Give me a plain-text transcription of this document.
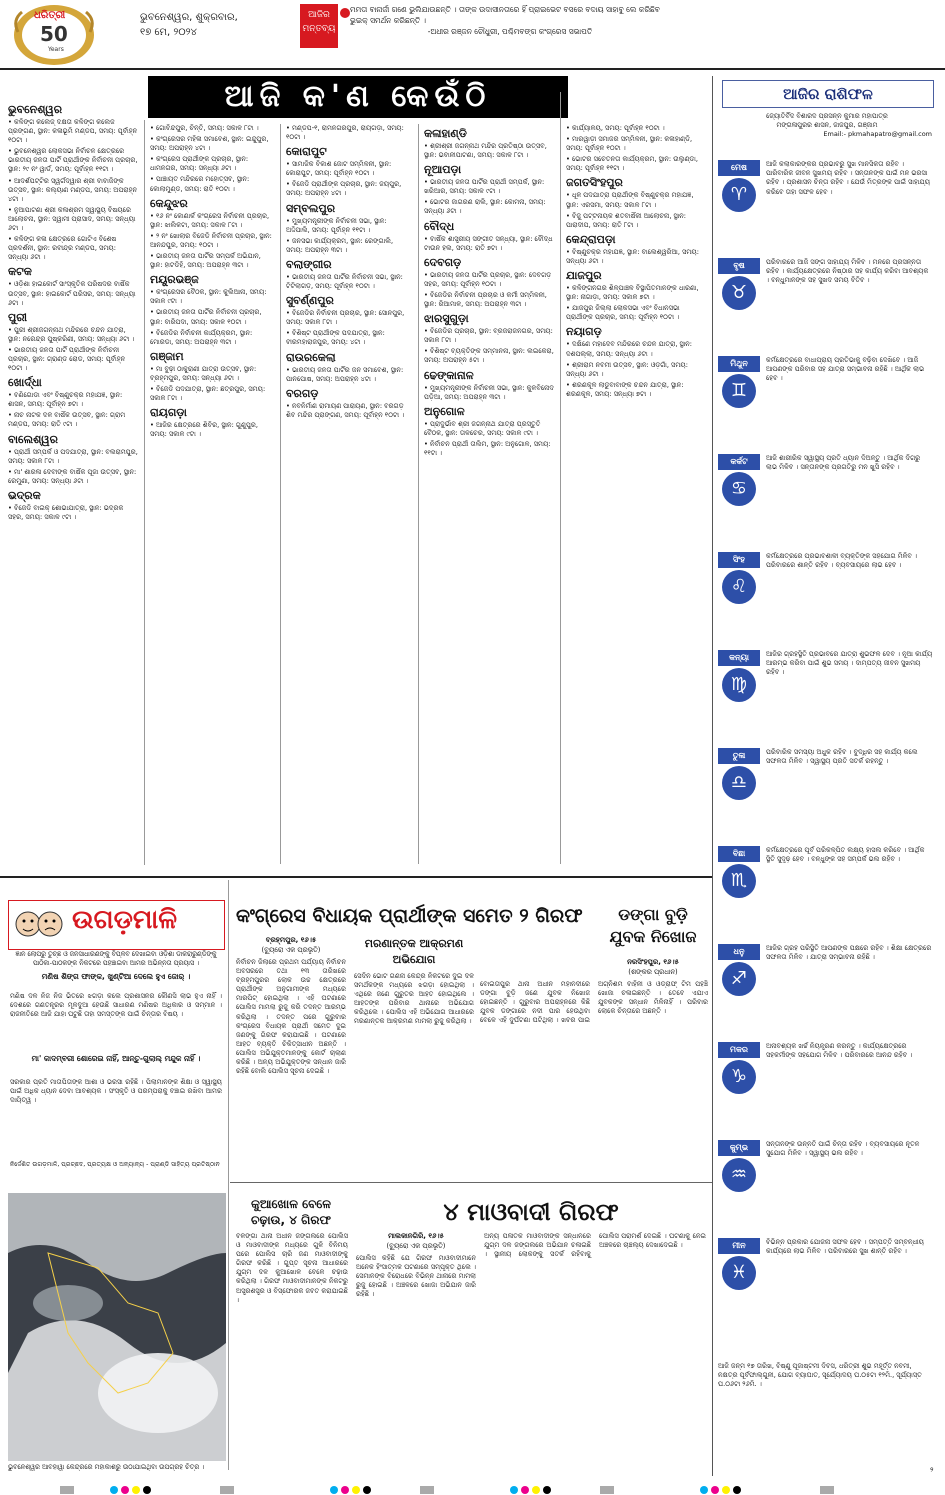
ଧରିତ୍ରୀ
50
Years
ଭୁବନେଶ୍ୱର, ଶୁକ୍ରବାର,
୧୭ ମେ, ୨୦୨୪
ଆଜିର
ମନ୍ତବ୍ୟ
ମମତା ବାନାର୍ଜୀ ଗଣେ ଭୁଲିଯାଉଛନ୍ତି । ତାଙ୍କ ଉଦାସୀନତାରେ ହିଁ ପ୍ରାଇଭେଟ ବସରେ ବଦାୟ ସାହାବୁ ଲେ କରିଛିବ ଭୁଇକ୍ ସମର୍ଥନ କରିଛନ୍ତି ।
-ଅଧୀର ରଞ୍ଜନ ଚୌଧୁରୀ, ପଶ୍ଚିମବଙ୍ଗ କଂଗ୍ରେସ ସଭାପତି
ଆଜି କ'ଣ କେଉଁଠି
ଭୁବନେଶ୍ୱର

• କଳିଙ୍ଗ କଲେଜ୍ ଦକ୍ଷତା କଳିଙ୍ଗ କଲେଜ ପ୍ରଙ୍ଗଣ, ସ୍ଥାନ: କଳାଭୂମି ମଣ୍ଡପ, ସମୟ: ପୂର୍ବାହ୍ନ ୧୦ଟା ।

• ଭୁବନେଶ୍ୱର ଲୋକସଭା ନିର୍ବାଚନ କ୍ଷେତ୍ରରେ ଭାରତୀୟ ଜନତା ପାର୍ଟି ପ୍ରାର୍ଥୀଙ୍କ ନିର୍ବାଚନୀ ପ୍ରଚାର, ସ୍ଥାନ: ୨୯ ନଂ ୱାର୍ଡ, ସମୟ: ପୂର୍ବାହ୍ନ ୧୧ଟା ।

• ଆଦର୍ଶପଟ୍ଟିର ସ୍ୱର୍ଗଦ୍ୱାର ଶ୍ରୀ ବାବାଜିଙ୍କ ଉତ୍ସବ, ସ୍ଥାନ: କଲ୍ୟାଣ ମଣ୍ଡପ, ସମୟ: ଅପରାହ୍ନ ୪ଟା ।

• ନୁଆପାଟଣା ଶ୍ରୀ କଳାଶ୍ରମ ସ୍ୱାସ୍ଥ୍ୟ ବିଷୟରେ ଆଲୋଚନା, ସ୍ଥାନ: ସ୍ୱାମୀ ପ୍ରାସାଦ, ସମୟ: ସନ୍ଧ୍ୟା ୬ଟା ।

• କଳିଙ୍ଗ କଳା କ୍ଷେତ୍ରରେ ଗୋଟିଏ ବିଶେଷ ପ୍ରଦର୍ଶନୀ, ସ୍ଥାନ: ରବୀନ୍ଦ୍ର ମଣ୍ଡପ, ସମୟ: ସନ୍ଧ୍ୟା ୬ଟା ।

କଟକ

• ଓଡ଼ିଶା ହାଇକୋର୍ଟ ସାଂସ୍କୃତିକ ପରିଷଦର ବାର୍ଷିକ ଉତ୍ସବ, ସ୍ଥାନ: ହାଇକୋର୍ଟ ପରିସର, ସମୟ: ସନ୍ଧ୍ୟା ୬ଟା ।

ପୁରୀ

• ପୁରୀ ଶ୍ରୀଜଗନ୍ନାଥ ମନ୍ଦିରରେ ଚନ୍ଦନ ଯାତ୍ରା, ସ୍ଥାନ: ନରେନ୍ଦ୍ର ପୁଷ୍କରିଣୀ, ସମୟ: ସନ୍ଧ୍ୟା ୬ଟା ।

• ଭାରତୀୟ ଜନତା ପାର୍ଟି ପ୍ରାର୍ଥୀଙ୍କ ନିର୍ବାଚନୀ ପ୍ରଚାର, ସ୍ଥାନ: ଗ୍ରାଣ୍ଡ ରୋଡ, ସମୟ: ପୂର୍ବାହ୍ନ ୧୦ଟା ।

ଖୋର୍ଦ୍ଧା

• ବଣିଗୋଡା ଏବଂ ବିଷ୍ଣୁଚକ୍ର ମହାଯଜ୍ଞ, ସ୍ଥାନ: ଶାସନ, ସମୟ: ପୂର୍ବାହ୍ନ ୭ଟା ।

• ନାଚ ନାଟକ ଦଳ ବାର୍ଷିକ ଉତ୍ସବ, ସ୍ଥାନ: ଗ୍ରାମ ମଣ୍ଡପ, ସମୟ: ରାତି ୯ଟା ।

ବାଲେଶ୍ୱର

• ପ୍ରାର୍ଥୀ ସମ୍ପର୍କ ଓ ପଦଯାତ୍ରା, ସ୍ଥାନ: ବଲରାମପୁର, ସମୟ: ସକାଳ ୮ଟା ।

• ମା' ଶାରଳା ଦେବୀଙ୍କ ବାର୍ଷିକ ପୂଜା ଉତ୍ସବ, ସ୍ଥାନ: ରେମୁଣା, ସମୟ: ସନ୍ଧ୍ୟା ୬ଟା ।

ଭଦ୍ରକ

• ବିଜେଡି ବାଇକ୍ ଶୋଭାଯାତ୍ରା, ସ୍ଥାନ: ଭଦ୍ରକ ସହର, ସମୟ: ସକାଳ ୯ଟା ।

• ଗୋବିନ୍ଦପୁର, ଚିନ୍ତି, ସମୟ: ସକାଳ ୮ଟା ।

• କଂଗ୍ରେସର ମହିଳା ସମାବେଶ, ସ୍ଥାନ: ଇନ୍ଦୁପୁର, ସମୟ: ଅପରାହ୍ନ ୪ଟା ।

• କଂଗ୍ରେସ ପ୍ରାର୍ଥୀଙ୍କ ପ୍ରଚାର, ସ୍ଥାନ: ଧାମନଗର, ସମୟ: ସନ୍ଧ୍ୟା ୬ଟା ।

• ପାଞ୍ଚାୟତ ମନ୍ଦିରରେ ମହୋତ୍ସବ, ସ୍ଥାନ: କୋଲାମୁଣ୍ଡ, ସମୟ: ରାତି ୧୦ଟା ।

କେନ୍ଦୁଝର

• ୧୬ ନଂ କୋଣାର୍କ କଂଗ୍ରେସ ନିର୍ବାଚନୀ ପ୍ରଚାର, ସ୍ଥାନ: ଝାଲିକଟା, ସମୟ: ସକାଳ ୮ଟା ।

• ୨ ନଂ ଖୋଲାର ବିଜେଡି ନିର୍ବାଚନୀ ପ୍ରଚାର, ସ୍ଥାନ: ଆନନ୍ଦପୁର, ସମୟ: ୧୦ଟା ।

• ଭାରତୀୟ ଜନତା ପାର୍ଟିର ସମ୍ପର୍କ ଅଭିଯାନ, ସ୍ଥାନ: ହାଟଡିହି, ସମୟ: ଅପରାହ୍ନ ୩ଟା ।

ମୟୂରଭଞ୍ଜ

• କଂଗ୍ରେସର ବୈଠକ, ସ୍ଥାନ: କୁଲିଆନା, ସମୟ: ସକାଳ ୯ଟା ।

• ଭାରତୀୟ ଜନତା ପାର୍ଟିର ନିର୍ବାଚନୀ ପ୍ରଚାର, ସ୍ଥାନ: ବାରିପଦା, ସମୟ: ସକାଳ ୧୦ଟା ।

• ବିଜେଡିର ନିର୍ବାଚନୀ କାର୍ଯ୍ୟକ୍ରମ, ସ୍ଥାନ: ମୋରଡା, ସମୟ: ଅପରାହ୍ନ ୩ଟା ।

ଗଞ୍ଜାମ

• ମା ବୁଢ଼ୀ ଠାକୁରାଣୀ ଯାତ୍ରା ଉତ୍ସବ, ସ୍ଥାନ: ବ୍ରହ୍ମପୁର, ସମୟ: ସନ୍ଧ୍ୟା ୬ଟା ।

• ବିଜେଡି ପଦଯାତ୍ରା, ସ୍ଥାନ: ଛତ୍ରପୁର, ସମୟ: ସକାଳ ୮ଟା ।

ରାୟଗଡ଼ା

• ଆଜିର କ୍ଷେତ୍ରରେ ଶିବିର, ସ୍ଥାନ: ଗୁଣୁପୁର, ସମୟ: ସକାଳ ୯ଟା ।

• ମଣ୍ଡପ-୧, ରାମନଗରପୁର, ରାୟଗଡ଼ା, ସମୟ: ୧୦ଟା ।

କୋରାପୁଟ

• ସାମାଜିକ ବିକାଶ ଜୋଟ ସମ୍ମିଳନୀ, ସ୍ଥାନ: କୋରାପୁଟ, ସମୟ: ପୂର୍ବାହ୍ନ ୧୦ଟା ।

• ବିଜେଡି ପ୍ରାର୍ଥୀଙ୍କ ପ୍ରଚାର, ସ୍ଥାନ: ଜୟପୁର, ସମୟ: ଅପରାହ୍ନ ୪ଟା ।

ସମ୍ବଲପୁର

• ମୁଖ୍ୟମନ୍ତ୍ରୀଙ୍କ ନିର୍ବାଚନୀ ସଭା, ସ୍ଥାନ: ଅଦ୍ଦିପାଲି, ସମୟ: ପୂର୍ବାହ୍ନ ୧୧ଟା ।

• ଜନସଭା କାର୍ଯ୍ୟକ୍ରମ, ସ୍ଥାନ: ରେଙ୍ଗାଲି, ସମୟ: ଅପରାହ୍ନ ୩ଟା ।

ବଲାଙ୍ଗୀର

• ଭାରତୀୟ ଜନତା ପାର୍ଟିର ନିର୍ବାଚନୀ ସଭା, ସ୍ଥାନ: ଟିଟିଲାଗଡ଼, ସମୟ: ପୂର୍ବାହ୍ନ ୧୦ଟା ।

ସୁବର୍ଣ୍ଣପୁର

• ବିଜେଡିର ନିର୍ବାଚନୀ ପ୍ରଚାର, ସ୍ଥାନ: ସୋନପୁର, ସମୟ: ସକାଳ ୮ଟା ।

• ବିଶିଷ୍ଟ ପ୍ରାର୍ଥୀଙ୍କ ପଦଯାତ୍ରା, ସ୍ଥାନ: ବୀରମହାରାଜପୁର, ସମୟ: ୪ଟା ।

ରାଉରକେଲା

• ଭାରତୀୟ ଜନତା ପାର୍ଟିର ଜନ ସମାବେଶ, ସ୍ଥାନ: ପାନପୋଷ, ସମୟ: ଅପରାହ୍ନ ୪ଟା ।

ବରଗଡ଼

• ନବନିର୍ମାଣ ରାମାୟଣ ପାରାୟଣ, ସ୍ଥାନ: ବରଗଡ଼ ଶିବ ମନ୍ଦିର ପ୍ରାଙ୍ଗଣ, ସମୟ: ପୂର୍ବାହ୍ନ ୧୦ଟା ।

କଳାହାଣ୍ଡି

• ଶ୍ରୀଶ୍ରୀ ଜଗନ୍ନାଥ ମନ୍ଦିର ପ୍ରତିଷ୍ଠା ଉତ୍ସବ, ସ୍ଥାନ: ଭବାନୀପାଟଣା, ସମୟ: ସକାଳ ୮ଟା ।

ନୂଆପଡ଼ା

• ଭାରତୀୟ ଜନତା ପାର୍ଟିର ପ୍ରାର୍ଥୀ ସମ୍ପର୍କ, ସ୍ଥାନ: ଖରିଆର, ସମୟ: ସକାଳ ୯ଟା ।

• ଭୋଟର ଜାଗରଣ ରାଲି, ସ୍ଥାନ: କୋମନା, ସମୟ: ସନ୍ଧ୍ୟା ୬ଟା ।

ବୌଦ୍ଧ

• ବାର୍ଷିକ ଶାସ୍ତ୍ରୀୟ ସଙ୍ଗୀତ ସନ୍ଧ୍ୟା, ସ୍ଥାନ: ବୌଦ୍ଧ ଟାଉନ ହଲ, ସମୟ: ରାତି ୭ଟା ।

ଦେବଗଡ଼

• ଭାରତୀୟ ଜନତା ପାର୍ଟିର ପ୍ରଚାର, ସ୍ଥାନ: ଦେବଗଡ଼ ସହର, ସମୟ: ପୂର୍ବାହ୍ନ ୧୦ଟା ।

• ବିଜେଡିର ନିର୍ବାଚନୀ ପ୍ରଚାର ଓ କର୍ମୀ ସମ୍ମିଳନୀ, ସ୍ଥାନ: ରିଆମାଳ, ସମୟ: ଅପରାହ୍ନ ୩ଟା ।

ଝାରସୁଗୁଡ଼ା

• ବିଜେଡିର ପ୍ରଚାର, ସ୍ଥାନ: ବ୍ରଜରାଜନଗର, ସମୟ: ସକାଳ ୮ଟା ।

• ବିଶିଷ୍ଟ ବ୍ୟକ୍ତିଙ୍କ ସମ୍ମାନନା, ସ୍ଥାନ: ଲଇକେରା, ସମୟ: ଅପରାହ୍ନ ୫ଟା ।

ଢେଙ୍କାନାଳ

• ମୁଖ୍ୟମନ୍ତ୍ରୀଙ୍କ ନିର୍ବାଚନୀ ସଭା, ସ୍ଥାନ: କୁଳବିନୋଦ ପଡ଼ିଆ, ସମୟ: ଅପରାହ୍ନ ୩ଟା ।

ଅନୁଗୋଳ

• ପ୍ରାଦୁର୍ଭାବ ଶ୍ରୀ ଜଗନ୍ନାଥ ଯାତ୍ରା ପ୍ରସ୍ତୁତି ବୈଠକ, ସ୍ଥାନ: ତାଳଚେର, ସମୟ: ସକାଳ ୯ଟା ।

• ନିର୍ବାଚନ ପ୍ରାର୍ଥୀ ତାଲିମ, ସ୍ଥାନ: ଅନୁଗୋଳ, ସମୟ: ୧୧ଟା ।

• କାର୍ଯ୍ୟାଳୟ, ସମୟ: ପୂର୍ବାହ୍ନ ୧୦ଟା ।

• ମାରୱାଡ଼ୀ ସମାଜର ସମ୍ମିଳନୀ, ସ୍ଥାନ: କଳାହାଣ୍ଡି, ସମୟ: ପୂର୍ବାହ୍ନ ୧୦ଟା ।

• ଭୋଟର ସଚେତନତା କାର୍ଯ୍ୟକ୍ରମ, ସ୍ଥାନ: ଉଲୁଣ୍ଡା, ସମୟ: ପୂର୍ବାହ୍ନ ୧୧ଟା ।

ଜଗତସିଂହପୁର

• ଧୂଳ ପଦଯାତ୍ରା ପ୍ରାର୍ଥୀଙ୍କ ବିଷ୍ଣୁଚକ୍ର ମହାଯଜ୍ଞ, ସ୍ଥାନ: ଏରସମା, ସମୟ: ସକାଳ ୮ଟା ।

• ବିଜୁ ପଟ୍ଟନାୟକ ଶତବାର୍ଷିକୀ ଆଲୋଚନା, ସ୍ଥାନ: ପାରାଦୀପ, ସମୟ: ରାତି ୮ଟା ।

କେନ୍ଦ୍ରାପଡ଼ା

• ବିଷ୍ଣୁଚକ୍ର ମହାଯଜ୍ଞ, ସ୍ଥାନ: ବାଲେଶ୍ୱରିଆ, ସମୟ: ସନ୍ଧ୍ୟା ୬ଟା ।

ଯାଜପୁର

• କଳିଙ୍ଗନଗର ଶିଳ୍ପାଞ୍ଚଳ ବିସ୍ଥାପିତମାନଙ୍କ ଧାରଣା, ସ୍ଥାନ: ନାଗାଡ଼ା, ସମୟ: ସକାଳ ୭ଟା ।

• ଯାଜପୁର ଜିଲ୍ଲା ଲୋକସଭା ଏବଂ ବିଧାନସଭା ପ୍ରାର୍ଥୀଙ୍କ ପ୍ରଚାର, ସମୟ: ପୂର୍ବାହ୍ନ ୧୦ଟା ।

ନୟାଗଡ଼

• ଦକ୍ଷିଣେ ମହାଦେବ ମନ୍ଦିରରେ ଚନ୍ଦନ ଯାତ୍ରା, ସ୍ଥାନ: ଦଶପଲ୍ଲା, ସମୟ: ସନ୍ଧ୍ୟା ୬ଟା ।

• ଶ୍ରୀରାମ ନବମୀ ଉତ୍ସବ, ସ୍ଥାନ: ଓଡ଼ଗାଁ, ସମୟ: ସନ୍ଧ୍ୟା ୬ଟା ।

• ଶରଣକୂଳ ଲାଡୁବାବାଙ୍କ ଚନ୍ଦନ ଯାତ୍ରା, ସ୍ଥାନ: ଶରଣକୂଳ, ସମୟ: ସନ୍ଧ୍ୟା ୭ଟା ।

ଆଜିର ରାଶିଫଳ
ଜ୍ୟୋତିର୍ବିଦ ବିଶାରଦ ପ୍ରସନ୍ନ କୁମାର ମହାପାତ୍ର
ମଙ୍ଗଳାପୁରର ଶାସନ, ଜାଜପୁର, ଗଞ୍ଜାମ
Email:- pkmahapatro@gmail.com
ମେଷ
♈
ଆଜି କଲାକାରଙ୍କର ପ୍ରଭାବରୁ ସୁଖ ମାନସିକତା ରହିବ । ପାରିବାରିକ ଜୀବନ ସୁଖମୟ ରହିବ । ସନ୍ତାନଙ୍କ ପାଇଁ ମନ ଭରସା ରହିବ । ପ୍ରଶାସନ ଚିନ୍ତା ରହିବ । ଯେଉଁ ମିତ୍ରଙ୍କ ପାଇଁ ସାହାଯ୍ୟ କରିବେ ତାହା ସଫଳ ହେବ ।
ବୃଷ
♉
ପରିବାରରେ ଆଜି ସଙ୍ଗ ସାହାଯ୍ୟ ମିଳିବ । ମନରେ ପ୍ରସନ୍ନତା ରହିବ । କାର୍ଯ୍ୟକ୍ଷେତ୍ରରେ ନିଷ୍ଠାର ସହ କାର୍ଯ୍ୟ କରିବା ଆବଶ୍ୟକ । ବନ୍ଧୁମାନଙ୍କ ସହ ସୁଖଦ ସମୟ ବିତିବ ।
ମିଥୁନ
♊
କର୍ମକ୍ଷେତ୍ରରେ ବାଧାପ୍ରାୟ ପ୍ରତିଭାକୁ ବଢ଼ିବା ଦେଖିବେ । ଆଜି ଆପଣଙ୍କ ପରିବାର ସହ ଯାତ୍ରା ସମ୍ଭାବନା ରହିଛି । ଆର୍ଥିକ ଲାଭ ହେବ ।
କର୍କଟ
♋
ଆଜି ଶାରୀରିକ ସ୍ୱାସ୍ଥ୍ୟ ପ୍ରତି ଧ୍ୟାନ ଦିଅନ୍ତୁ । ଆର୍ଥିକ ଦିଗରୁ ଲାଭ ମିଳିବ । ସନ୍ତାନଙ୍କ ପ୍ରଗତିରୁ ମନ ଖୁସି ରହିବ ।
ସିଂହ
♌
କର୍ମକ୍ଷେତ୍ରରେ ପ୍ରଭାବଶାଳୀ ବ୍ୟକ୍ତିଙ୍କ ସହଯୋଗ ମିଳିବ । ପରିବାରରେ ଶାନ୍ତି ରହିବ । ବ୍ୟବସାୟରେ ଲାଭ ହେବ ।
କନ୍ୟା
♍
ଆଜିର ଗ୍ରହସ୍ଥିତି ପ୍ରଭାବରେ ଯାତ୍ରା ଶୁଭଫଳ ଦେବ । ନୂଆ କାର୍ଯ୍ୟ ଆରମ୍ଭ କରିବା ପାଇଁ ଶୁଭ ସମୟ । ଦାମ୍ପତ୍ୟ ଜୀବନ ସୁଖମୟ ରହିବ ।
ତୁଳା
♎
ପରିବାରିକ ସମସ୍ୟା ଅଧୁକ ରହିବ । ବୁଦ୍ଧିର ସହ କାର୍ଯ୍ୟ କଲେ ସଫଳତା ମିଳିବ । ସ୍ୱାସ୍ଥ୍ୟ ପ୍ରତି ସତର୍କ ରହନ୍ତୁ ।
ବିଛା
♏
କର୍ମକ୍ଷେତ୍ରରେ ପୂର୍ବ ପରିକଳ୍ପିତ ଲକ୍ଷ୍ୟ ହାସଲ କରିବେ । ଆର୍ଥିକ ସ୍ଥିତି ସୁଦୃଢ଼ ହେବ । ବନ୍ଧୁଙ୍କ ସହ ସମ୍ପର୍କ ଭଲ ରହିବ ।
ଧନୁ
♐
ଆଜିର ଗ୍ରହ ପରିସ୍ଥିତି ଆପଣଙ୍କ ପକ୍ଷରେ ରହିବ । ଶିକ୍ଷା କ୍ଷେତ୍ରରେ ସଫଳତା ମିଳିବ । ଯାତ୍ରା ସମ୍ଭାବନା ରହିଛି ।
ମକର
♑
ଅନାବଶ୍ୟକ ଖର୍ଚ୍ଚ ନିୟନ୍ତ୍ରଣ କରନ୍ତୁ । କାର୍ଯ୍ୟକ୍ଷେତ୍ରରେ ସହକର୍ମୀଙ୍କ ସହଯୋଗ ମିଳିବ । ପରିବାରରେ ଆନନ୍ଦ ରହିବ ।
କୁମ୍ଭ
♒
ସନ୍ତାନଙ୍କ ଉନ୍ନତି ପାଇଁ ଚିନ୍ତା ରହିବ । ବ୍ୟବସାୟରେ ନୂତନ ସୁଯୋଗ ମିଳିବ । ସ୍ୱାସ୍ଥ୍ୟ ଭଲ ରହିବ ।
ମୀନ
♓
ବିଭିନ୍ନ ପ୍ରକାର ଯୋଜନା ସଫଳ ହେବ । ସମ୍ପତ୍ତି ସମ୍ବନ୍ଧୀୟ କାର୍ଯ୍ୟରେ ଲାଭ ମିଳିବ । ପରିବାରରେ ସୁଖ ଶାନ୍ତି ରହିବ ।
ଆଜି ଜନ୍ମ ୧୭ ତାରିଖ, ବିଷ୍ଣୁ ପୂଜାଷ୍ଟମୀ ଦିବସ, ଧରିତ୍ରୀ ଶୁଭ ମହୂର୍ତ୍ତ ନବମୀ, ନକ୍ଷତ୍ର ପୂର୍ବଫାଲ୍ଗୁନୀ, ଯୋଗ ବ୍ୟାଘାତ, ସୂର୍ଯ୍ୟୋଦୟ ଘ.୦୫ଟା ୧୨ମି., ସୂର୍ଯ୍ୟାସ୍ତ ଘ.୦୬ଟା ୨୬ମି. ।
ଉଗଡ଼ମାଳି
ଜ୍ଞାନ ଲୋପରୁ ତୁଚ୍ଛ ଓ ଜନସାଧାରଣଙ୍କୁ ବିପ୍ଳବ ଦେଖାଇବା ଓଡ଼ିଶା ଡାକରାରୁଣ୍ଡିଙ୍କୁ ପାଠିକା-ପାଠକଙ୍କ ନିକଟରେ ପହଞ୍ଚାଇବା ଆମର ଅଭିନ୍ନତା ପ୍ରୟାସ ।
ମଣିଷ ଶିଙ୍ଗ ଫାଙ୍କ, ଖୁଣ୍ଟିଆ ଦେଲେ ହୁଏ ଜୋର୍ ।
ମଣିଷ ଦଳ ନିଜ ନିଜ ଭିତରେ ଝଗଡ଼ା କଲେ ପ୍ରଶାସନର କୌଣସି ଲାଭ ହୁଏ ନାହିଁ । ଦେଶରେ ଗଣତନ୍ତ୍ରର ମୂଳଦୁଆ ହେଉଛି ସାଧାରଣ ମଣିଷର ଅଧିକାର ଓ ସମ୍ମାନ । ରାଜନୀତିରେ ଆଜି ଯାହା ଘଟୁଛି ତାହା ସମସ୍ତଙ୍କ ପାଇଁ ଚିନ୍ତାର ବିଷୟ ।
ମା' କାଦମ୍ବରୀ ଶୋରେଇ ନାହିଁ, ଆନ୍ତୁ-ଗୁଲାଲ୍ ମନ୍ଦୁକ ନାହିଁ ।
ସରକାର ପ୍ରତି ମାତାପିତାଙ୍କ ଆଶା ଓ ଭରସା ରହିଛି । ପିଲାମାନଙ୍କ ଶିକ୍ଷା ଓ ସ୍ୱାସ୍ଥ୍ୟ ପାଇଁ ଅଧିକ ଧ୍ୟାନ ଦେବା ଆବଶ୍ୟକ । ସଂସ୍କୃତି ଓ ପରମ୍ପରାକୁ ବଞ୍ଚାଇ ରଖିବା ଆମର ଦାୟିତ୍ୱ ।
ନିର୍ଦ୍ଦେଶିତ ଉଗଡ଼ମାଳି, ପ୍ରଚ୍ଛଦ, ପ୍ରତ୍ୟକ୍ଷ ଓ ଅନ୍ୟାନ୍ୟ - ପ୍ରାଣ୍ଡି ସାହିତ୍ୟ ପ୍ରତିଷ୍ଠାନ
କଂଗ୍ରେସ ବିଧାୟକ ପ୍ରାର୍ଥୀଙ୍କ ସମେତ ୨ ଗିରଫ
ବ୍ରହ୍ମପୁର, ୧୬।୫
(ବ୍ୟୁରୋ ଏକ ପ୍ରଭୃତି)
ନିର୍ବାଚନ ଜିଲାରେ ପ୍ରଥମ ପର୍ଯ୍ୟାୟ ନିର୍ବାଚନ ଅବସରରେ ତଥା ୧୩ ତାରିଖରେ ବ୍ରହ୍ମପୁରର ଲୋକ ଉଚ୍ଚ କ୍ଷେତ୍ରରେ ପ୍ରାର୍ଥୀଙ୍କ ଅନୁଗାମୀଙ୍କ ମଧ୍ୟରେ ମାରପିଟ୍ ହୋଇଥିଲା । ଏହି ଘଟଣାରେ ପୋଲିସ ମାମଲା ରୁଜୁ କରି ତଦନ୍ତ ଆରମ୍ଭ କରିଥିଲା । ତଦନ୍ତ ପରେ ଗୁରୁବାର କଂଗ୍ରେସ ବିଧାୟକ ପ୍ରାର୍ଥୀ ସମେତ ଦୁଇ ଜଣଙ୍କୁ ଗିରଫ କରାଯାଇଛି । ଘଟଣାରେ ଆହତ ବ୍ୟକ୍ତି ଚିକିତ୍ସାଧୀନ ଅଛନ୍ତି । ପୋଲିସ ଅଭିଯୁକ୍ତମାନଙ୍କୁ କୋର୍ଟ ଚାଲାଣ କରିଛି । ଅନ୍ୟ ଅଭିଯୁକ୍ତଙ୍କ ସନ୍ଧାନ ଜାରି ରହିଛି ବୋଲି ପୋଲିସ ସୂଚନା ଦେଇଛି ।
ମରଣାନ୍ତକ ଆକ୍ରମଣ ଅଭିଯୋଗ
ସେଦିନ ଭୋଟ ଗଣନା କେନ୍ଦ୍ର ନିକଟରେ ଦୁଇ ଦଳ ସମର୍ଥକଙ୍କ ମଧ୍ୟରେ ଝଗଡ଼ା ହୋଇଥିଲା । ଏଥିରେ ଜଣେ ଗୁରୁତର ଆହତ ହୋଇଥିଲେ । ଆହତଙ୍କ ପରିବାର ଥାନାରେ ଅଭିଯୋଗ କରିଥିଲେ । ପୋଲିସ ଏହି ଅଭିଯୋଗ ଆଧାରରେ ମରଣାନ୍ତକ ଆକ୍ରମଣ ମାମଲା ରୁଜୁ କରିଥିଲା ।
ଡଙ୍ଗା ବୁଡ଼ି ଯୁବକ ନିଖୋଜ
ନରସିଂହପୁର, ୧୬।୫
(ଶଙ୍କର ପ୍ରଧାନ)
ବୋଇତାପୁର ଥାନା ଅଧୀନ ମହାନଦୀରେ ଡଙ୍ଗା ବୁଡ଼ି ଜଣେ ଯୁବକ ନିଖୋଜ ହୋଇଛନ୍ତି । ଗୁରୁବାର ଅପରାହ୍ନରେ କିଛି ଯୁବକ ଡଙ୍ଗାରେ ନଦୀ ପାର ହେଉଥିବା ବେଳେ ଏହି ଦୁର୍ଘଟଣା ଘଟିଥିଲା । ଖବର ପାଇ ଅଗ୍ନିଶମ ବାହିନୀ ଓ ଓଡ୍ରାଫ୍ ଟିମ ପହଞ୍ଚି ଖୋଜା ଚଳାଇଛନ୍ତି । ତେବେ ଏଯାଏ ଯୁବକଙ୍କ ସନ୍ଧାନ ମିଳିନାହିଁ । ପରିବାର ଲୋକେ ଚିନ୍ତାରେ ଅଛନ୍ତି ।
ଭୁବନେଶ୍ୱର ଆବହାୱା କେନ୍ଦ୍ରରେ ମହାକାଶରୁ ଉଠାଯାଇଥିବା ଉପଗ୍ରହ ଚିତ୍ର ।
କୁଆଖୋଳ ବେଳେ ଚଢ଼ାଉ, ୪ ଗିରଫ	୪ ମାଓବାଦୀ ଗିରଫ
ମାଲକାନଗିରି, ୧୬।୫
(ବ୍ୟୁରୋ ଏକ ପ୍ରଭୃତି)
ବଳଙ୍ଗା ଥାନା ଅଧୀନ ଜଙ୍ଗଲରେ ପୋଲିସ ଓ ମାଓବାଦୀଙ୍କ ମଧ୍ୟରେ ଗୁଳି ବିନିମୟ ପରେ ପୋଲିସ ଚାରି ଜଣ ମାଓବାଦୀଙ୍କୁ ଗିରଫ କରିଛି । ଗୁପ୍ତ ସୂଚନା ଆଧାରରେ ଯୁଗ୍ମ ଦଳ କୁଆଖୋଳ ବେଳେ ଚଢ଼ାଉ କରିଥିଲା । ଗିରଫ ମାଓବାଦୀମାନଙ୍କ ନିକଟରୁ ଅସ୍ତ୍ରଶସ୍ତ୍ର ଓ ବିସ୍ଫୋରକ ଜବତ କରାଯାଇଛି ।
ପୋଲିସ କହିଛି ଯେ ଗିରଫ ମାଓବାଦୀମାନେ ଅନେକ ହିଂସାତ୍ମକ ଘଟଣାରେ ସମ୍ପୃକ୍ତ ଥିଲେ । ସେମାନଙ୍କ ବିରୋଧରେ ବିଭିନ୍ନ ଥାନାରେ ମାମଲା ରୁଜୁ ହୋଇଛି । ଅଞ୍ଚଳରେ ଖୋଜା ଅଭିଯାନ ଜାରି ରହିଛି ।
ଅନ୍ୟ ପଳାତକ ମାଓବାଦୀଙ୍କ ସନ୍ଧାନରେ ଯୁଗ୍ମ ଦଳ ଜଙ୍ଗଲରେ ଅଭିଯାନ ଚଳାଇଛି । ସ୍ଥାନୀୟ ଲୋକଙ୍କୁ ସତର୍କ ରହିବାକୁ ପୋଲିସ ପରାମର୍ଶ ଦେଇଛି । ଘଟଣାକୁ ନେଇ ଅଞ୍ଚଳରେ ଚାଞ୍ଚଲ୍ୟ ଦେଖାଦେଇଛି ।
୨
